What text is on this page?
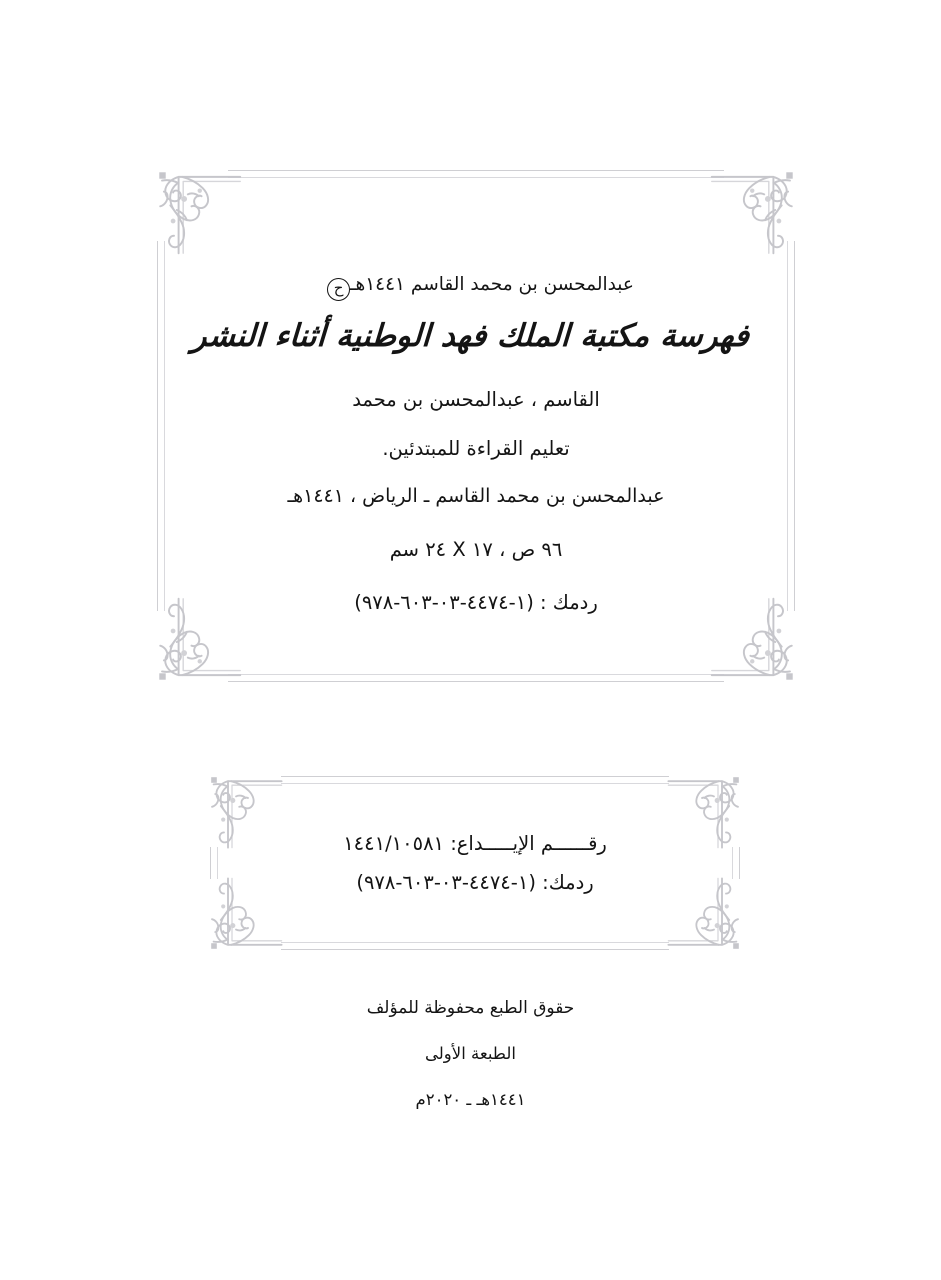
عبدالمحسن بن محمد القاسم ١٤٤١هـح
فهرسة مكتبة الملك فهد الوطنية أثناء النشر
القاسم ، عبدالمحسن بن محمد
تعليم القراءة للمبتدئين.
عبدالمحسن بن محمد القاسم ـ الرياض ، ١٤٤١هـ
٩٦ ص ، ١٧ X ٢٤ سم
ردمك : (١-٤٤٧٤-٠٣-٦٠٣-٩٧٨)
رقــــــم الإيـــــداع: ١٤٤١/١٠٥٨١
ردمك: (١-٤٤٧٤-٠٣-٦٠٣-٩٧٨)
حقوق الطبع محفوظة للمؤلف
الطبعة الأولى
١٤٤١هـ ـ ٢٠٢٠م
